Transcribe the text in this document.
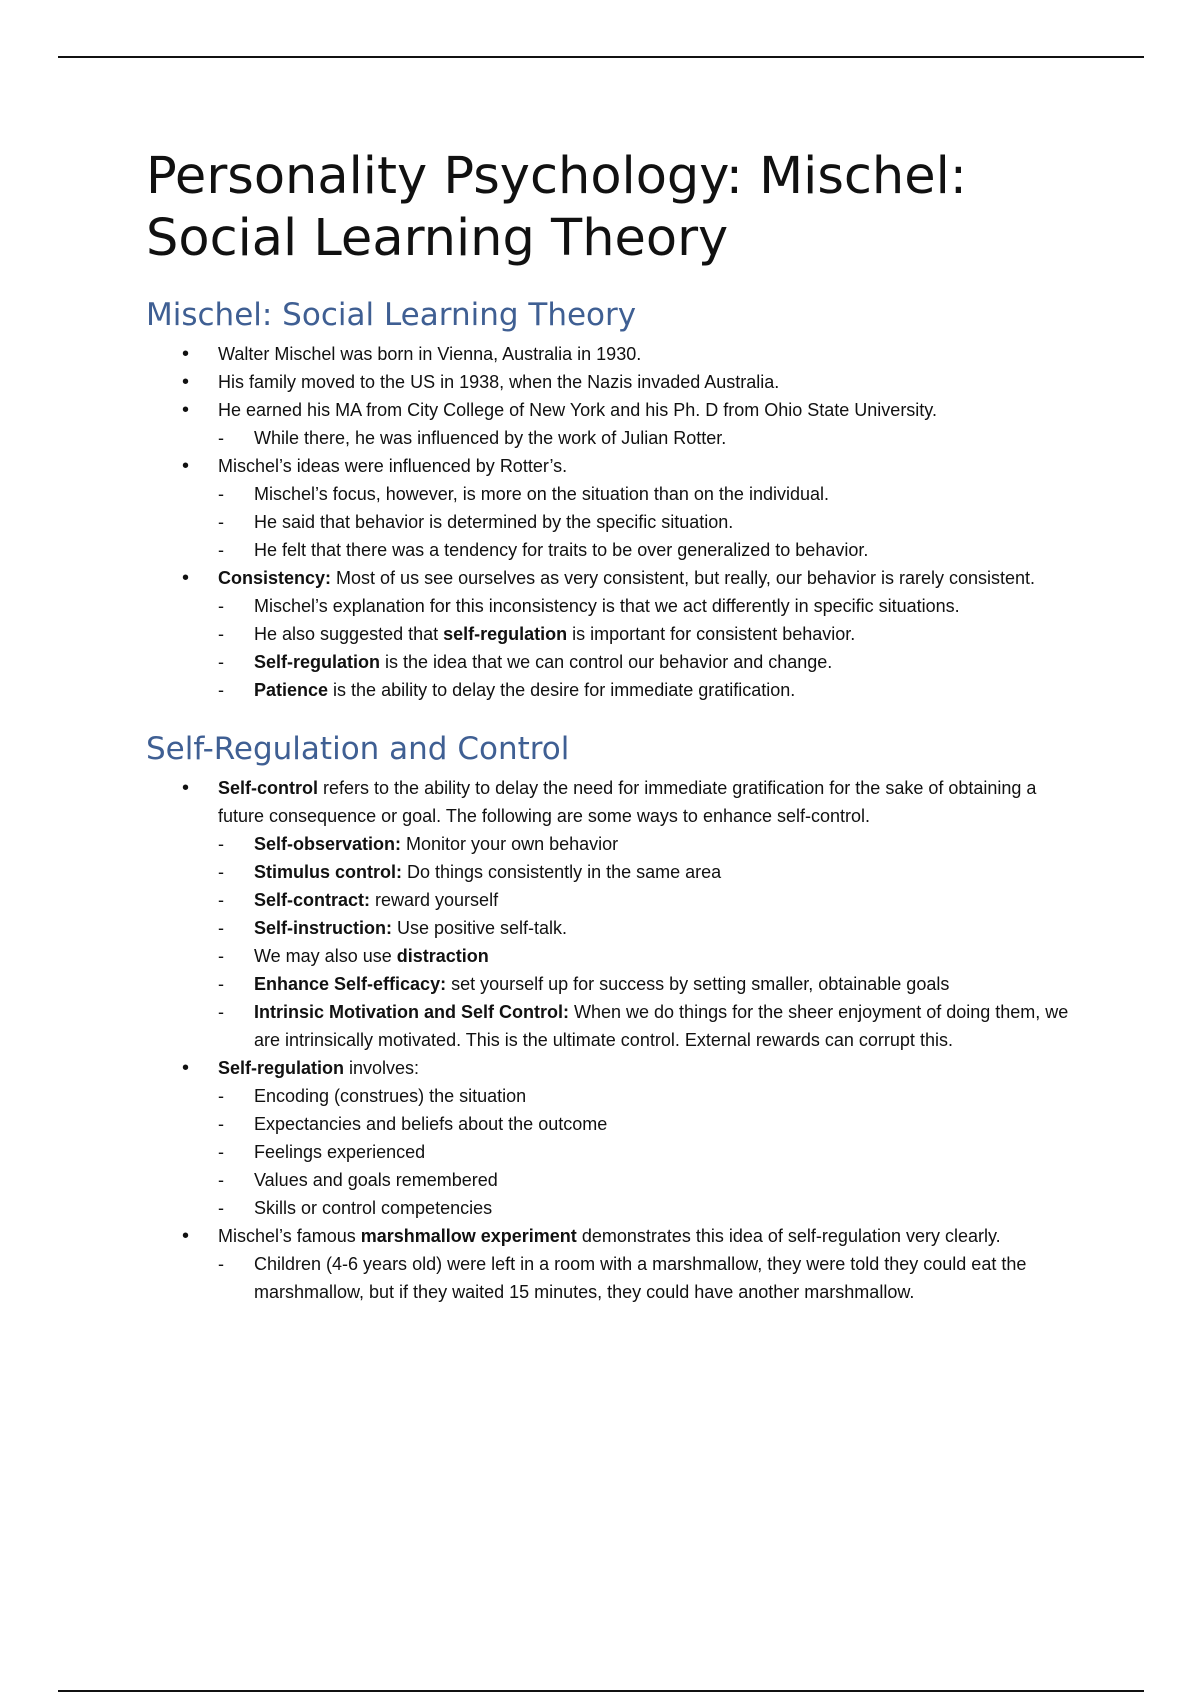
Personality Psychology: Mischel: Social Learning Theory
Mischel: Social Learning Theory
• Walter Mischel was born in Vienna, Australia in 1930.
• His family moved to the US in 1938, when the Nazis invaded Australia.
• He earned his MA from City College of New York and his Ph. D from Ohio State University.
- While there, he was influenced by the work of Julian Rotter.
• Mischel’s ideas were influenced by Rotter’s.
- Mischel’s focus, however, is more on the situation than on the individual.
- He said that behavior is determined by the specific situation.
- He felt that there was a tendency for traits to be over generalized to behavior.
• Consistency: Most of us see ourselves as very consistent, but really, our behavior is rarely consistent.
- Mischel’s explanation for this inconsistency is that we act differently in specific situations.
- He also suggested that self-regulation is important for consistent behavior.
- Self-regulation is the idea that we can control our behavior and change.
- Patience is the ability to delay the desire for immediate gratification.
Self-Regulation and Control
• Self-control refers to the ability to delay the need for immediate gratification for the sake of obtaining a future consequence or goal. The following are some ways to enhance self-control.
- Self-observation: Monitor your own behavior
- Stimulus control: Do things consistently in the same area
- Self-contract: reward yourself
- Self-instruction: Use positive self-talk.
- We may also use distraction
- Enhance Self-efficacy: set yourself up for success by setting smaller, obtainable goals
- Intrinsic Motivation and Self Control: When we do things for the sheer enjoyment of doing them, we are intrinsically motivated. This is the ultimate control. External rewards can corrupt this.
• Self-regulation involves:
- Encoding (construes) the situation
- Expectancies and beliefs about the outcome
- Feelings experienced
- Values and goals remembered
- Skills or control competencies
• Mischel’s famous marshmallow experiment demonstrates this idea of self-regulation very clearly.
- Children (4-6 years old) were left in a room with a marshmallow, they were told they could eat the marshmallow, but if they waited 15 minutes, they could have another marshmallow.
